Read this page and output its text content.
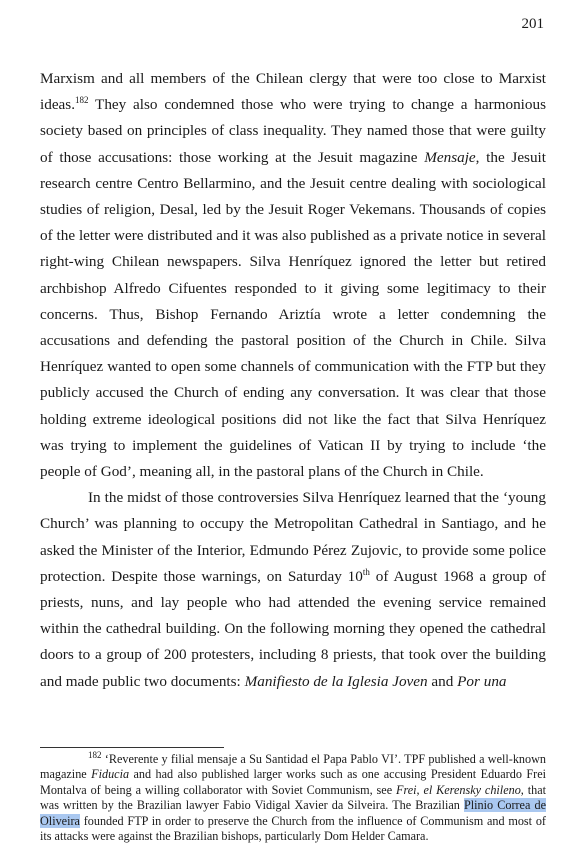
201

Marxism and all members of the Chilean clergy that were too close to Marxist ideas.$^{182}$ They also condemned those who were trying to change a harmonious society based on principles of class inequality. They named those that were guilty of those accusations: those working at the Jesuit magazine Mensaje, the Jesuit research centre Centro Bellarmino, and the Jesuit centre dealing with sociological studies of religion, Desal, led by the Jesuit Roger Vekemans. Thousands of copies of the letter were distributed and it was also published as a private notice in several right-wing Chilean newspapers. Silva Henríquez ignored the letter but retired archbishop Alfredo Cifuentes responded to it giving some legitimacy to their concerns. Thus, Bishop Fernando Ariztía wrote a letter condemning the accusations and defending the pastoral position of the Church in Chile. Silva Henríquez wanted to open some channels of communication with the FTP but they publicly accused the Church of ending any conversation. It was clear that those holding extreme ideological positions did not like the fact that Silva Henríquez was trying to implement the guidelines of Vatican II by trying to include ‘the people of God’, meaning all, in the pastoral plans of the Church in Chile.

In the midst of those controversies Silva Henríquez learned that the ‘young Church’ was planning to occupy the Metropolitan Cathedral in Santiago, and he asked the Minister of the Interior, Edmundo Pérez Zujovic, to provide some police protection. Despite those warnings, on Saturday 10th of August 1968 a group of priests, nuns, and lay people who had attended the evening service remained within the cathedral building. On the following morning they opened the cathedral doors to a group of 200 protesters, including 8 priests, that took over the building and made public two documents: Manifiesto de la Iglesia Joven and Por una

$^{182}$ ‘Reverente y filial mensaje a Su Santidad el Papa Pablo VI’. TPF published a well-known magazine Fiducia and had also published larger works such as one accusing President Eduardo Frei Montalva of being a willing collaborator with Soviet Communism, see Frei, el Kerensky chileno, that was written by the Brazilian lawyer Fabio Vidigal Xavier da Silveira. The Brazilian Plinio Correa de Oliveira founded FTP in order to preserve the Church from the influence of Communism and most of its attacks were against the Brazilian bishops, particularly Dom Helder Camara.
